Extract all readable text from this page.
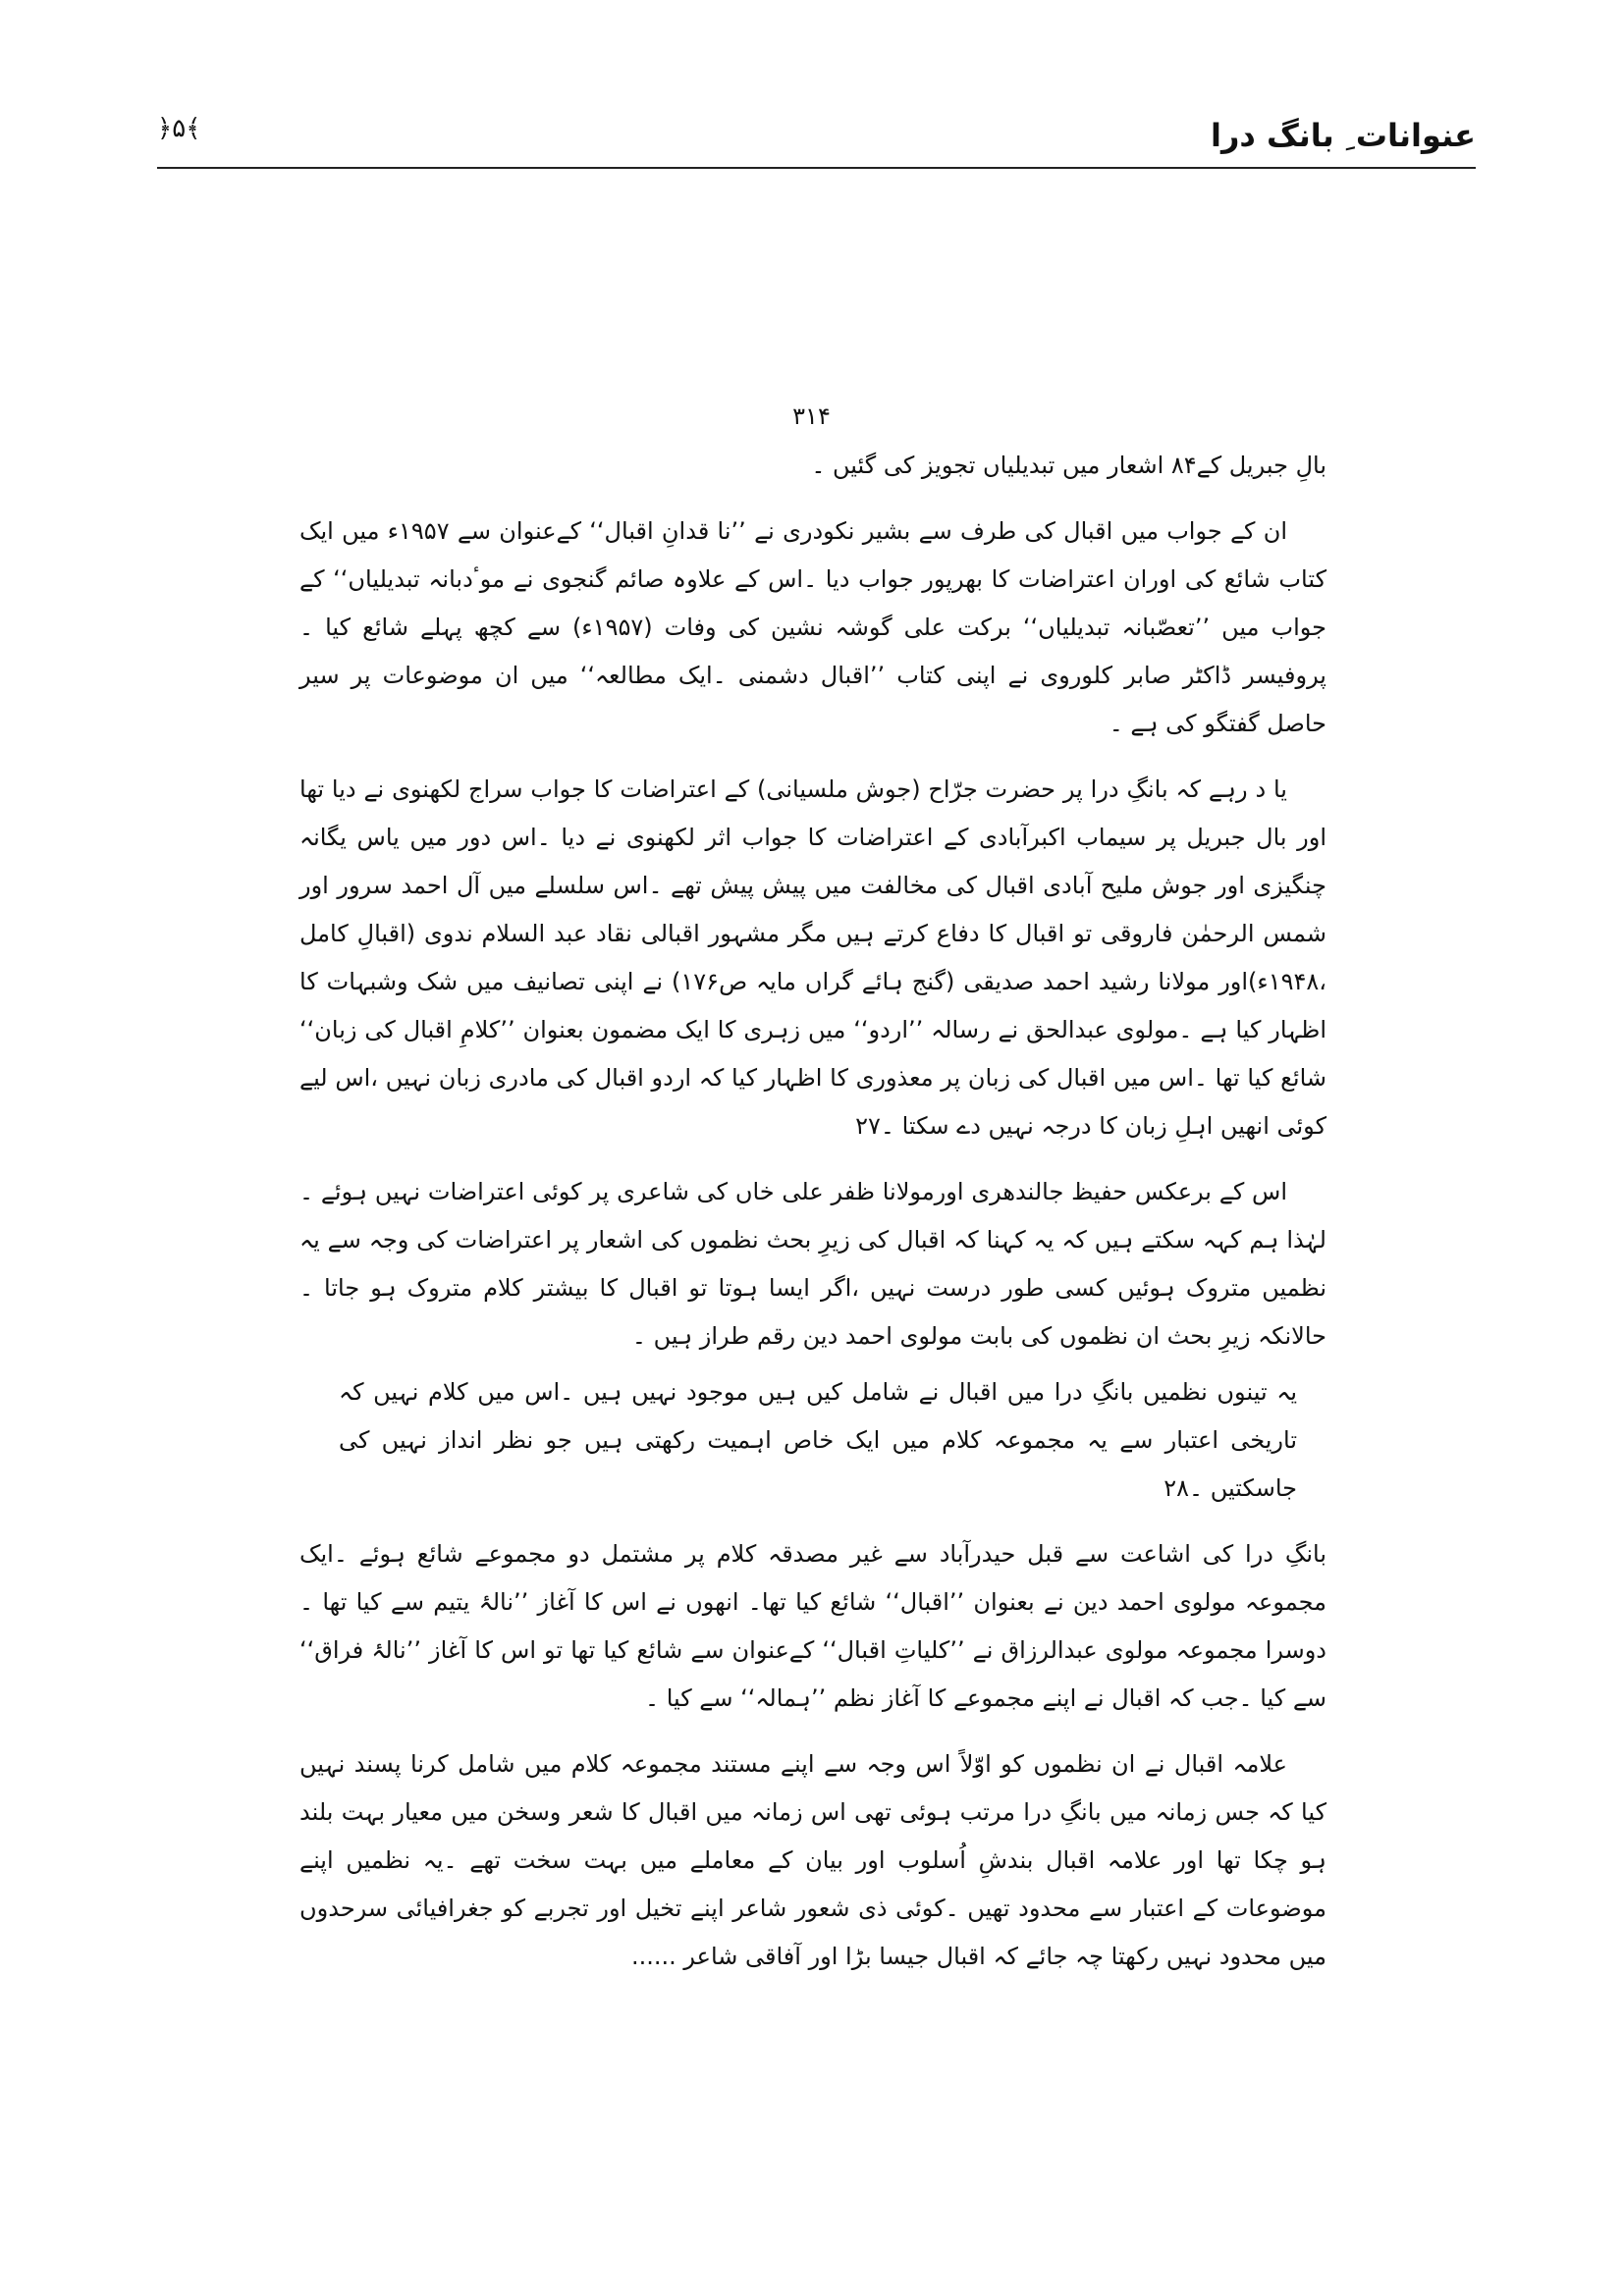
عنوانات ِ بانگ درا
﴾۵﴿
۳۱۴

بالِ جبریل کے۸۴ اشعار میں تبدیلیاں تجویز کی گئیں ۔

ان کے جواب میں اقبال کی طرف سے بشیر نکودری نے ’’نا قدانِ اقبال‘‘ کےعنوان سے ۱۹۵۷ء میں ایک کتاب شائع کی اوران اعتراضات کا بھرپور جواب دیا ۔اس کے علاوہ صائم گنجوی نے موٴدبانہ تبدیلیاں‘‘ کے جواب میں ’’تعصّبانہ تبدیلیاں‘‘ برکت علی گوشہ نشین کی وفات (۱۹۵۷ء) سے کچھ پہلے شائع کیا ۔پروفیسر ڈاکٹر صابر کلوروی نے اپنی کتاب ’’اقبال دشمنی ۔ایک مطالعہ‘‘ میں ان موضوعات پر سیر حاصل گفتگو کی ہے ۔

یا د رہے کہ بانگِ درا پر حضرت جرّاح (جوش ملسیانی) کے اعتراضات کا جواب سراج لکھنوی نے دیا تھا اور بال جبریل پر سیماب اکبرآبادی کے اعتراضات کا جواب اثر لکھنوی نے دیا ۔اس دور میں یاس یگانہ چنگیزی اور جوش ملیح آبادی اقبال کی مخالفت میں پیش پیش تھے ۔اس سلسلے میں آل احمد سرور اور شمس الرحمٰن فاروقی تو اقبال کا دفاع کرتے ہیں مگر مشہور اقبالی نقاد عبد السلام ندوی (اقبالِ کامل ،۱۹۴۸ء)اور مولانا رشید احمد صدیقی (گنج ہائے گراں مایہ ص۱۷۶) نے اپنی تصانیف میں شک وشبہات کا اظہار کیا ہے ۔مولوی عبدالحق نے رسالہ ’’اردو‘‘ میں زہری کا ایک مضمون بعنوان ’’کلامِ اقبال کی زبان‘‘ شائع کیا تھا ۔اس میں اقبال کی زبان پر معذوری کا اظہار کیا کہ اردو اقبال کی مادری زبان نہیں ،اس لیے کوئی انھیں اہلِ زبان کا درجہ نہیں دے سکتا ۔۲۷

اس کے برعکس حفیظ جالندھری اورمولانا ظفر علی خاں کی شاعری پر کوئی اعتراضات نہیں ہوئے ۔لہٰذا ہم کہہ سکتے ہیں کہ یہ کہنا کہ اقبال کی زیرِ بحث نظموں کی اشعار پر اعتراضات کی وجہ سے یہ نظمیں متروک ہوئیں کسی طور درست نہیں ،اگر ایسا ہوتا تو اقبال کا بیشتر کلام متروک ہو جاتا ۔حالانکہ زیرِ بحث ان نظموں کی بابت مولوی احمد دین رقم طراز ہیں ۔

یہ تینوں نظمیں بانگِ درا میں اقبال نے شامل کیں ہیں موجود نہیں ہیں ۔اس میں کلام نہیں کہ تاریخی اعتبار سے یہ مجموعہ کلام میں ایک خاص اہمیت رکھتی ہیں جو نظر انداز نہیں کی جاسکتیں ۔۲۸

بانگِ درا کی اشاعت سے قبل حیدرآباد سے غیر مصدقہ کلام پر مشتمل دو مجموعے شائع ہوئے ۔ایک مجموعہ مولوی احمد دین نے بعنوان ’’اقبال‘‘ شائع کیا تھا۔ انھوں نے اس کا آغاز ’’نالۂ یتیم سے کیا تھا ۔دوسرا مجموعہ مولوی عبدالرزاق نے ’’کلیاتِ اقبال‘‘ کےعنوان سے شائع کیا تھا تو اس کا آغاز ’’نالۂ فراق‘‘ سے کیا ۔جب کہ اقبال نے اپنے مجموعے کا آغاز نظم ’’ہمالہ‘‘ سے کیا ۔

علامہ اقبال نے ان نظموں کو اوّلاً اس وجہ سے اپنے مستند مجموعہ کلام میں شامل کرنا پسند نہیں کیا کہ جس زمانہ میں بانگِ درا مرتب ہوئی تھی اس زمانہ میں اقبال کا شعر وسخن میں معیار بہت بلند ہو چکا تھا اور علامہ اقبال بندشِ اُسلوب اور بیان کے معاملے میں بہت سخت تھے ۔یہ نظمیں اپنے موضوعات کے اعتبار سے محدود تھیں ۔کوئی ذی شعور شاعر اپنے تخیل اور تجربے کو جغرافیائی سرحدوں میں محدود نہیں رکھتا چہ جائے کہ اقبال جیسا بڑا اور آفاقی شاعر ......
